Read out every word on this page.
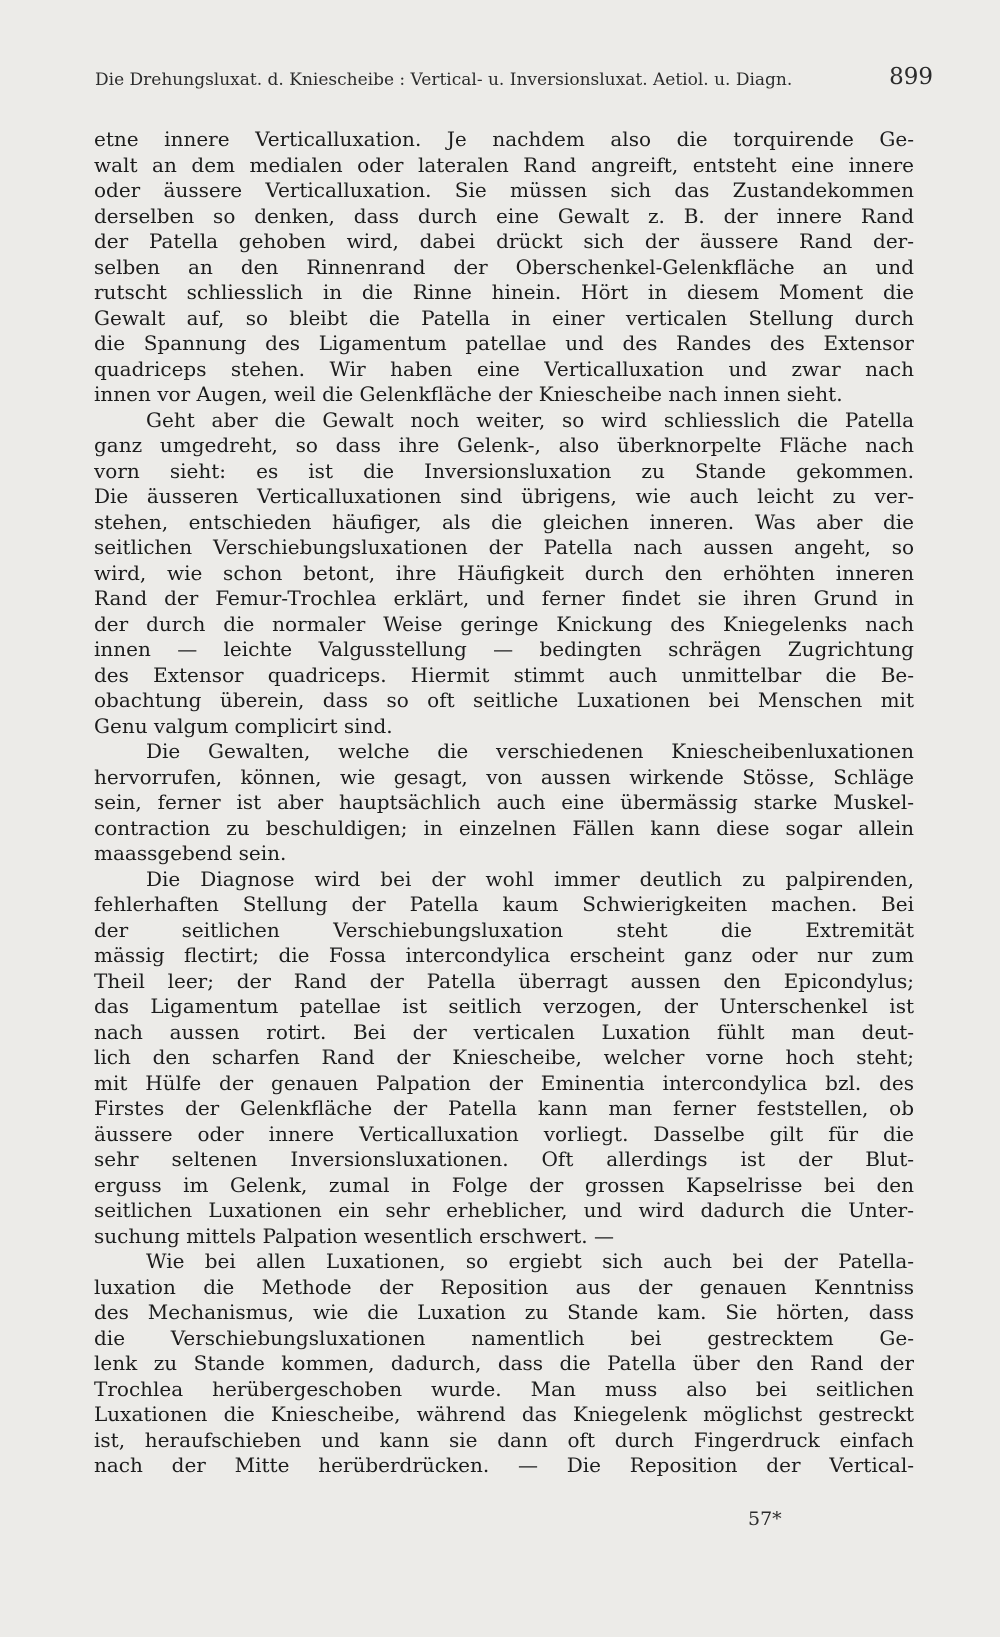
Die Drehungsluxat. d. Kniescheibe : Vertical- u. Inversionsluxat. Aetiol. u. Diagn.	899
etne innere Verticalluxation. Je nachdem also die torquirende Ge-
walt an dem medialen oder lateralen Rand angreift, entsteht eine innere
oder äussere Verticalluxation. Sie müssen sich das Zustandekommen
derselben so denken, dass durch eine Gewalt z. B. der innere Rand
der Patella gehoben wird, dabei drückt sich der äussere Rand der-
selben an den Rinnenrand der Oberschenkel-Gelenkfläche an und
rutscht schliesslich in die Rinne hinein. Hört in diesem Moment die
Gewalt auf, so bleibt die Patella in einer verticalen Stellung durch
die Spannung des Ligamentum patellae und des Randes des Extensor
quadriceps stehen. Wir haben eine Verticalluxation und zwar nach
innen vor Augen, weil die Gelenkfläche der Kniescheibe nach innen sieht.
Geht aber die Gewalt noch weiter, so wird schliesslich die Patella
ganz umgedreht, so dass ihre Gelenk-, also überknorpelte Fläche nach
vorn sieht: es ist die Inversionsluxation zu Stande gekommen.
Die äusseren Verticalluxationen sind übrigens, wie auch leicht zu ver-
stehen, entschieden häufiger, als die gleichen inneren. Was aber die
seitlichen Verschiebungsluxationen der Patella nach aussen angeht, so
wird, wie schon betont, ihre Häufigkeit durch den erhöhten inneren
Rand der Femur-Trochlea erklärt, und ferner findet sie ihren Grund in
der durch die normaler Weise geringe Knickung des Kniegelenks nach
innen — leichte Valgusstellung — bedingten schrägen Zugrichtung
des Extensor quadriceps. Hiermit stimmt auch unmittelbar die Be-
obachtung überein, dass so oft seitliche Luxationen bei Menschen mit
Genu valgum complicirt sind.
Die Gewalten, welche die verschiedenen Kniescheibenluxationen
hervorrufen, können, wie gesagt, von aussen wirkende Stösse, Schläge
sein, ferner ist aber hauptsächlich auch eine übermässig starke Muskel-
contraction zu beschuldigen; in einzelnen Fällen kann diese sogar allein
maassgebend sein.
Die Diagnose wird bei der wohl immer deutlich zu palpirenden,
fehlerhaften Stellung der Patella kaum Schwierigkeiten machen. Bei
der seitlichen Verschiebungsluxation steht die Extremität
mässig flectirt; die Fossa intercondylica erscheint ganz oder nur zum
Theil leer; der Rand der Patella überragt aussen den Epicondylus;
das Ligamentum patellae ist seitlich verzogen, der Unterschenkel ist
nach aussen rotirt. Bei der verticalen Luxation fühlt man deut-
lich den scharfen Rand der Kniescheibe, welcher vorne hoch steht;
mit Hülfe der genauen Palpation der Eminentia intercondylica bzl. des
Firstes der Gelenkfläche der Patella kann man ferner feststellen, ob
äussere oder innere Verticalluxation vorliegt. Dasselbe gilt für die
sehr seltenen Inversionsluxationen. Oft allerdings ist der Blut-
erguss im Gelenk, zumal in Folge der grossen Kapselrisse bei den
seitlichen Luxationen ein sehr erheblicher, und wird dadurch die Unter-
suchung mittels Palpation wesentlich erschwert. —
Wie bei allen Luxationen, so ergiebt sich auch bei der Patella-
luxation die Methode der Reposition aus der genauen Kenntniss
des Mechanismus, wie die Luxation zu Stande kam. Sie hörten, dass
die Verschiebungsluxationen namentlich bei gestrecktem Ge-
lenk zu Stande kommen, dadurch, dass die Patella über den Rand der
Trochlea herübergeschoben wurde. Man muss also bei seitlichen
Luxationen die Kniescheibe, während das Kniegelenk möglichst gestreckt
ist, heraufschieben und kann sie dann oft durch Fingerdruck einfach
nach der Mitte herüberdrücken. — Die Reposition der Vertical-
57*
